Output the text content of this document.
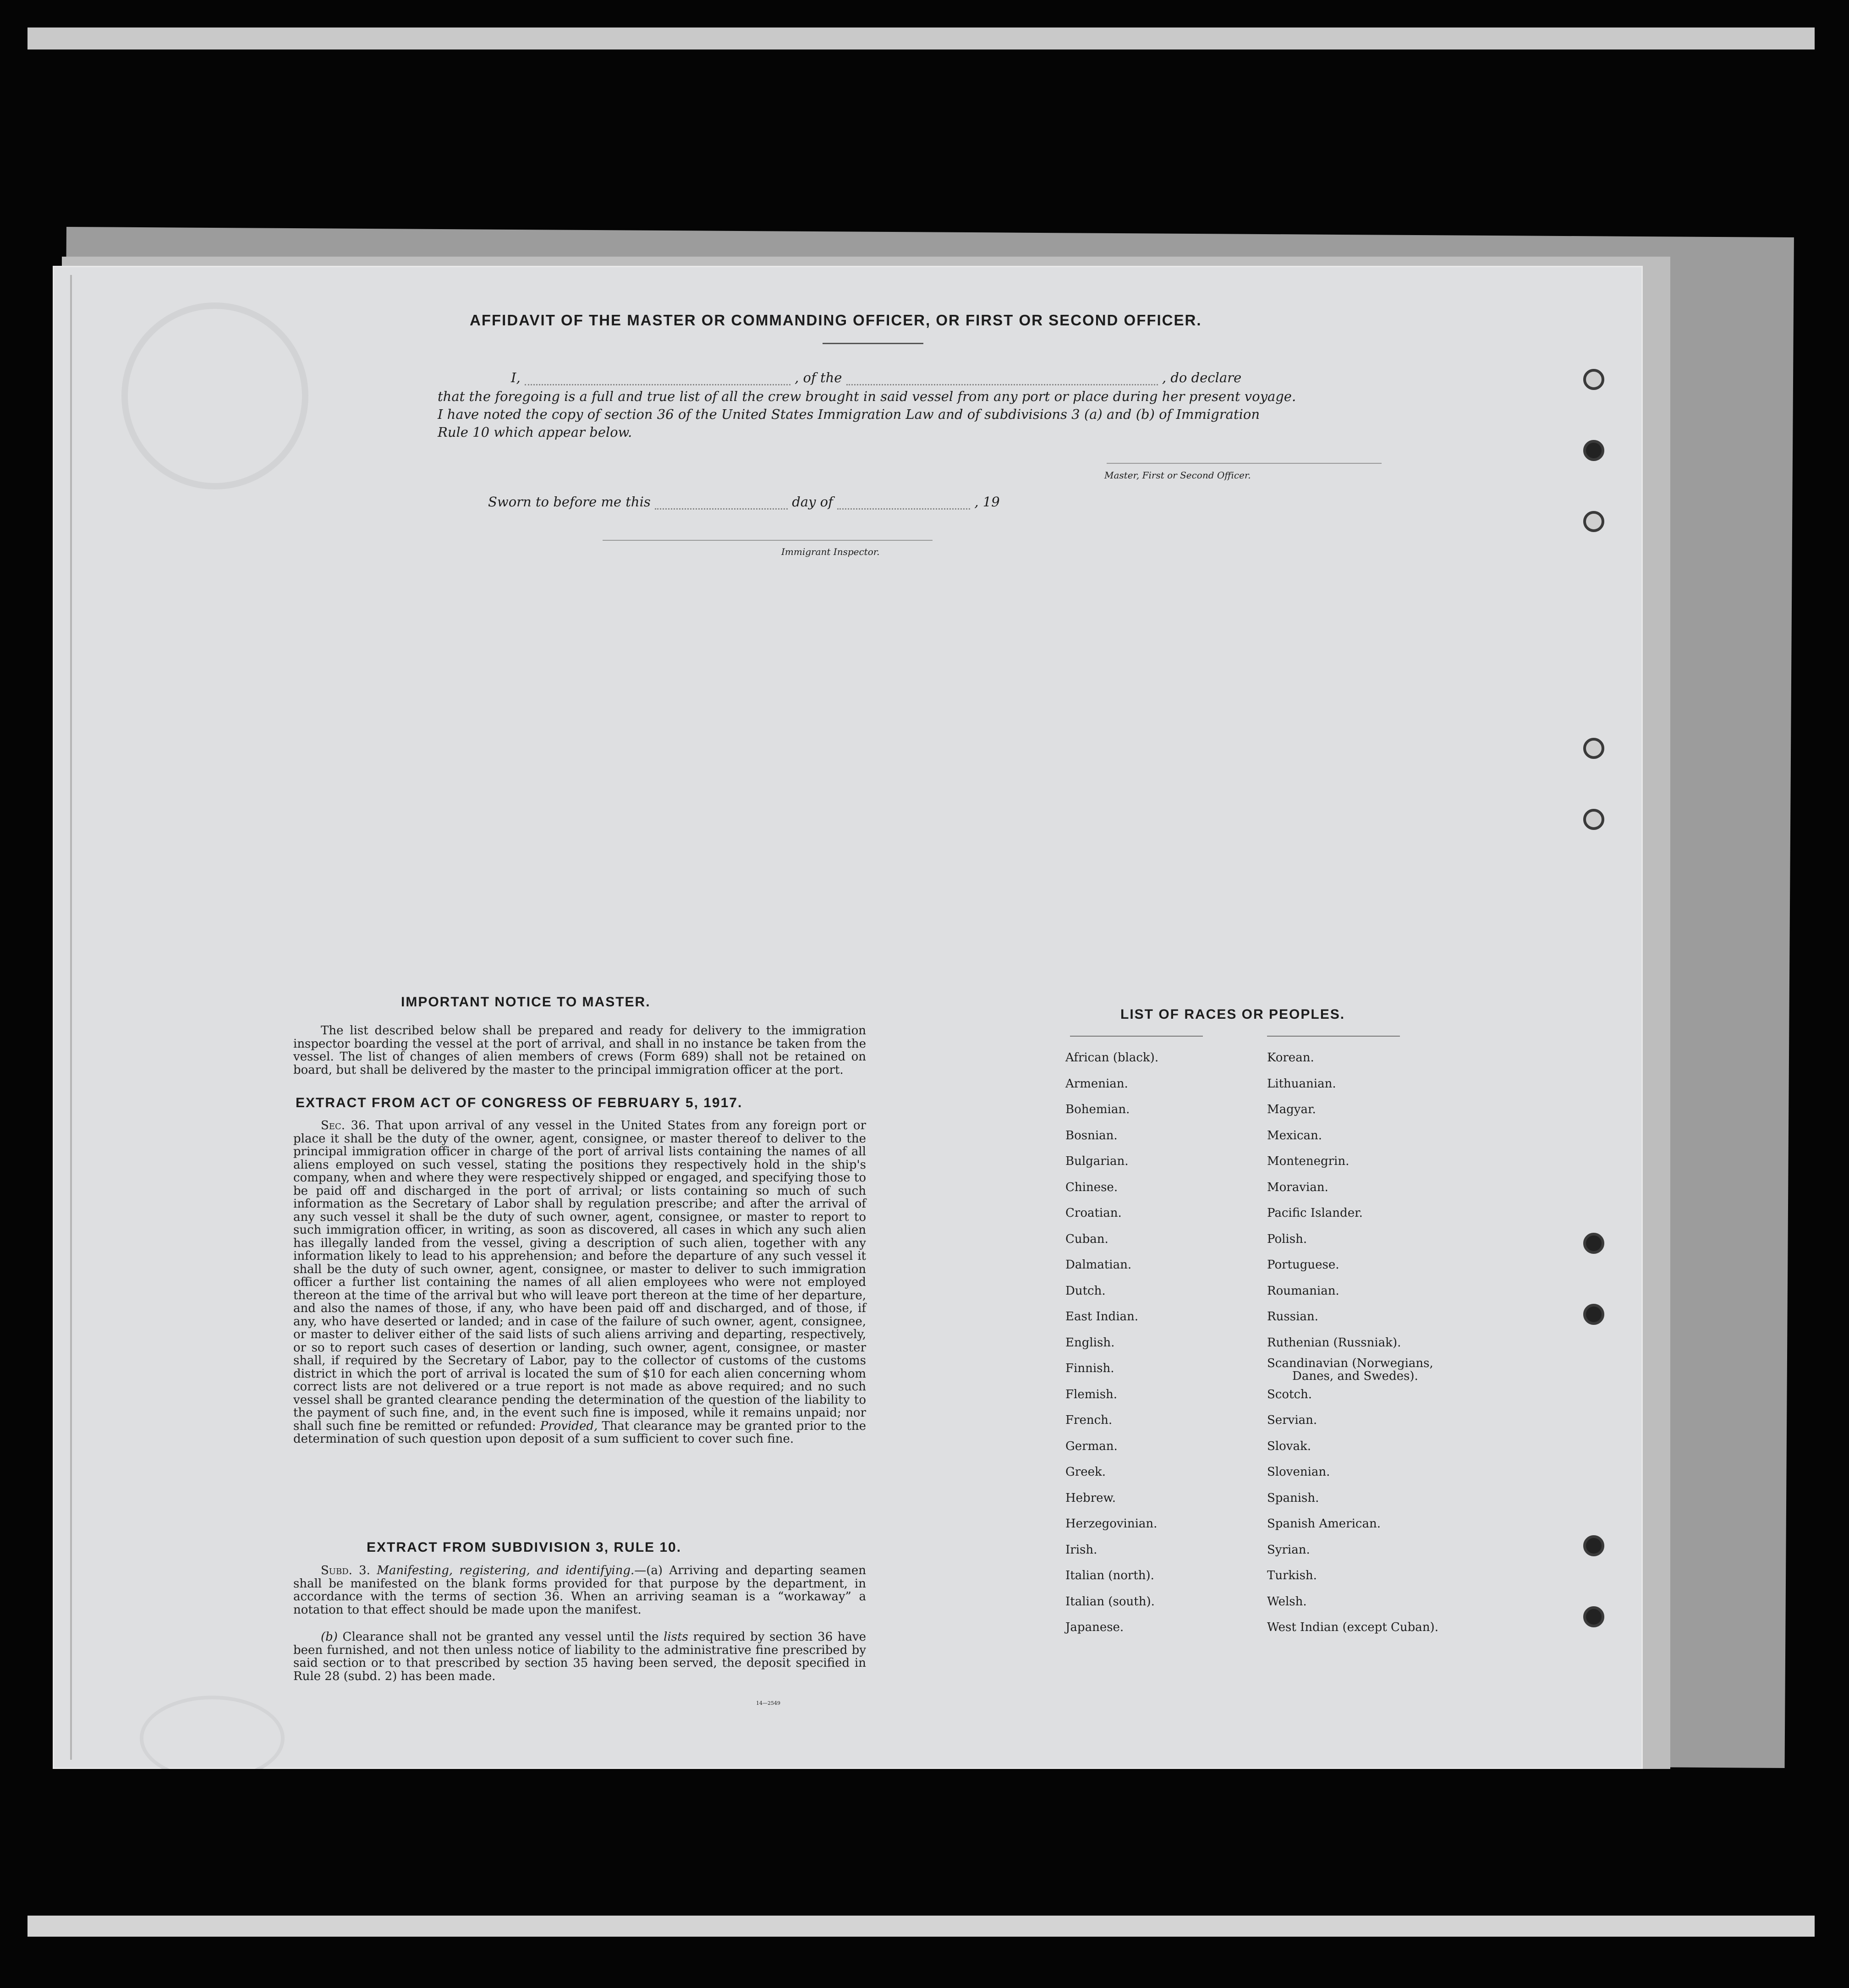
AFFIDAVIT OF THE MASTER OR COMMANDING OFFICER, OR FIRST OR SECOND OFFICER.
I,	, of the	, do declare
that the foregoing is a full and true list of all the crew brought in said vessel from any port or place during her present voyage.
I have noted the copy of section 36 of the United States Immigration Law and of subdivisions 3 (a) and (b) of Immigration
Rule 10 which appear below.
Master, First or Second Officer.
Sworn to before me this	day of	, 19
Immigrant Inspector.
IMPORTANT NOTICE TO MASTER.

The list described below shall be prepared and ready for delivery to the immigration inspector boarding the vessel at the port of arrival, and shall in no instance be taken from the vessel. The list of changes of alien members of crews (Form 689) shall not be retained on board, but shall be delivered by the master to the principal immigration officer at the port.

EXTRACT FROM ACT OF CONGRESS OF FEBRUARY 5, 1917.

Sec. 36. That upon arrival of any vessel in the United States from any foreign port or place it shall be the duty of the owner, agent, consignee, or master thereof to deliver to the principal immigration officer in charge of the port of arrival lists containing the names of all aliens employed on such vessel, stating the positions they respectively hold in the ship's company, when and where they were respectively shipped or engaged, and specifying those to be paid off and discharged in the port of arrival; or lists containing so much of such information as the Secretary of Labor shall by regulation prescribe; and after the arrival of any such vessel it shall be the duty of such owner, agent, consignee, or master to report to such immigration officer, in writing, as soon as discovered, all cases in which any such alien has illegally landed from the vessel, giving a description of such alien, together with any information likely to lead to his apprehension; and before the departure of any such vessel it shall be the duty of such owner, agent, consignee, or master to deliver to such immigration officer a further list containing the names of all alien employees who were not employed thereon at the time of the arrival but who will leave port thereon at the time of her departure, and also the names of those, if any, who have been paid off and discharged, and of those, if any, who have deserted or landed; and in case of the failure of such owner, agent, consignee, or master to deliver either of the said lists of such aliens arriving and departing, respectively, or so to report such cases of desertion or landing, such owner, agent, consignee, or master shall, if required by the Secretary of Labor, pay to the collector of customs of the customs district in which the port of arrival is located the sum of $10 for each alien concerning whom correct lists are not delivered or a true report is not made as above required; and no such vessel shall be granted clearance pending the determination of the question of the liability to the payment of such fine, and, in the event such fine is imposed, while it remains unpaid; nor shall such fine be remitted or refunded: Provided, That clearance may be granted prior to the determination of such question upon deposit of a sum sufficient to cover such fine.

EXTRACT FROM SUBDIVISION 3, RULE 10.

Subd. 3. Manifesting, registering, and identifying.—(a) Arriving and departing seamen shall be manifested on the blank forms provided for that purpose by the department, in accordance with the terms of section 36. When an arriving seaman is a “workaway” a notation to that effect should be made upon the manifest.

(b) Clearance shall not be granted any vessel until the lists required by section 36 have been furnished, and not then unless notice of liability to the administrative fine prescribed by said section or to that prescribed by section 35 having been served, the deposit specified in Rule 28 (subd. 2) has been made.

14—2549
LIST OF RACES OR PEOPLES.
African (black).
Armenian.
Bohemian.
Bosnian.
Bulgarian.
Chinese.
Croatian.
Cuban.
Dalmatian.
Dutch.
East Indian.
English.
Finnish.
Flemish.
French.
German.
Greek.
Hebrew.
Herzegovinian.
Irish.
Italian (north).
Italian (south).
Japanese.
Korean.
Lithuanian.
Magyar.
Mexican.
Montenegrin.
Moravian.
Pacific Islander.
Polish.
Portuguese.
Roumanian.
Russian.
Ruthenian (Russniak).
Scandinavian (Norwegians,
Danes, and Swedes).
Scotch.
Servian.
Slovak.
Slovenian.
Spanish.
Spanish American.
Syrian.
Turkish.
Welsh.
West Indian (except Cuban).
